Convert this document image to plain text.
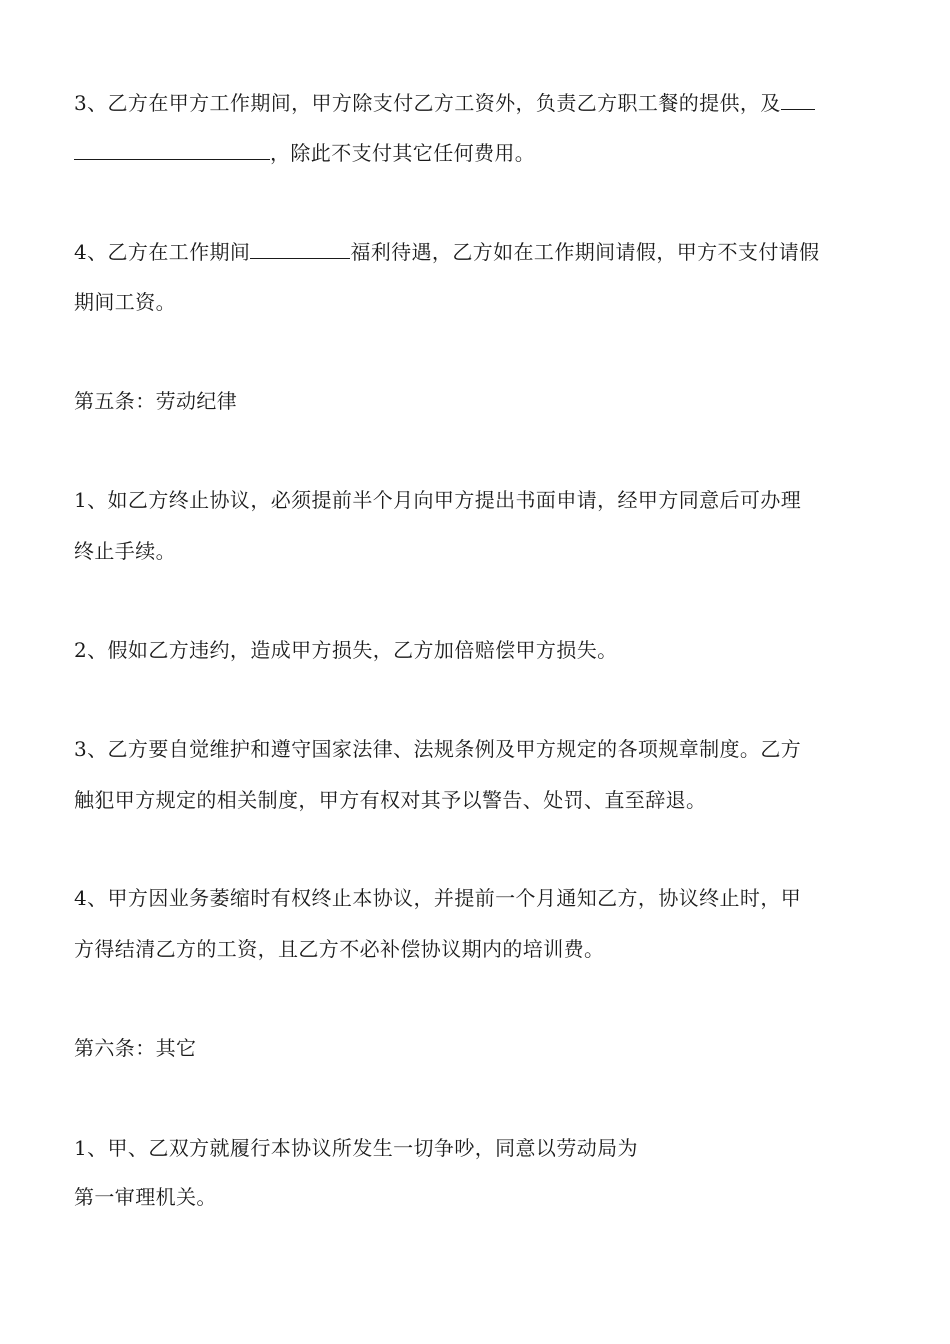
3、乙方在甲方工作期间，甲方除支付乙方工资外，负责乙方职工餐的提供，及
，除此不支付其它任何费用。
4、乙方在工作期间	福利待遇，乙方如在工作期间请假，甲方不支付请假
期间工资。
第五条：劳动纪律
1、如乙方终止协议，必须提前半个月向甲方提出书面申请，经甲方同意后可办理
终止手续。
2、假如乙方违约，造成甲方损失，乙方加倍赔偿甲方损失。
3、乙方要自觉维护和遵守国家法律、法规条例及甲方规定的各项规章制度。乙方
触犯甲方规定的相关制度，甲方有权对其予以警告、处罚、直至辞退。
4、甲方因业务萎缩时有权终止本协议，并提前一个月通知乙方，协议终止时，甲
方得结清乙方的工资，且乙方不必补偿协议期内的培训费。
第六条：其它
1、甲、乙双方就履行本协议所发生一切争吵，同意以劳动局为
第一审理机关。
